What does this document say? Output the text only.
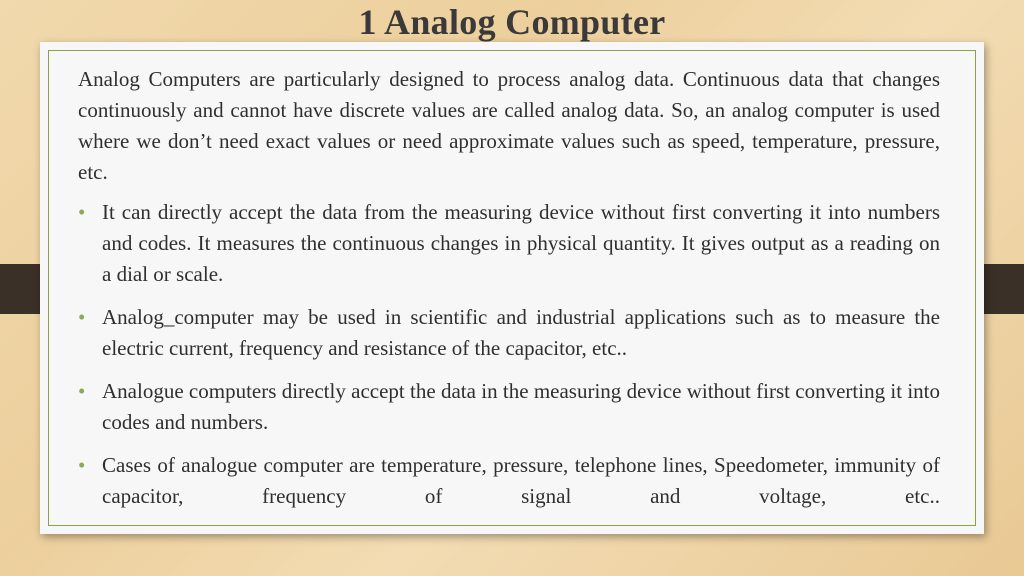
1 Analog Computer

Analog Computers are particularly designed to process analog data. Continuous data that changes continuously and cannot have discrete values are called analog data. So, an analog computer is used where we don’t need exact values or need approximate values such as speed, temperature, pressure, etc.

• It can directly accept the data from the measuring device without first converting it into numbers and codes. It measures the continuous changes in physical quantity. It gives output as a reading on a dial or scale.
• Analog_computer may be used in scientific and industrial applications such as to measure the electric current, frequency and resistance of the capacitor, etc..
• Analogue computers directly accept the data in the measuring device without first converting it into codes and numbers.
• Cases of analogue computer are temperature, pressure, telephone lines, Speedometer, immunity of capacitor, frequency of signal and voltage, etc..
